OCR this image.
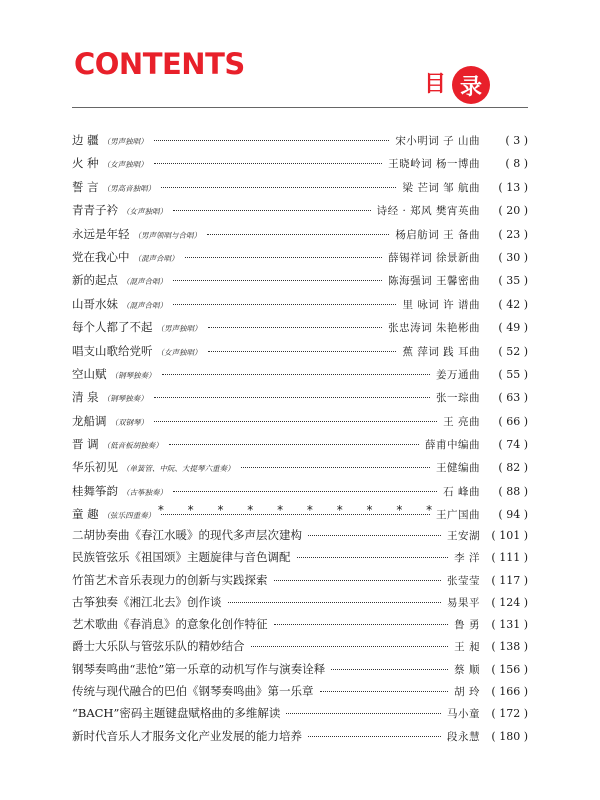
CONTENTS
目 录
边 疆 （男声独唱）	宋小明词 子 山曲	( 3 )
火 种 （女声独唱）	王晓岭词 杨一博曲	( 8 )
誓 言 （男高音独唱）	梁 芒词 邹 航曲	( 13 )
青青子衿 （女声独唱）	诗经 · 郑风 樊宵英曲	( 20 )
永远是年轻 （男声领唱与合唱）	杨启舫词 王 备曲	( 23 )
党在我心中 （混声合唱）	薛锡祥词 徐景新曲	( 30 )
新的起点 （混声合唱）	陈海强词 王馨密曲	( 35 )
山哥水妹 （混声合唱）	里 咏词 许 谱曲	( 42 )
每个人都了不起 （男声独唱）	张忠涛词 朱艳彬曲	( 49 )
唱支山歌给党听 （女声独唱）	蕉 萍词 践 耳曲	( 52 )
空山赋 （钢琴独奏）	姜万通曲	( 55 )
清 泉 （钢琴独奏）	张一琮曲	( 63 )
龙船调 （双钢琴）	王 亮曲	( 66 )
晋 调 （低音板胡独奏）	薛甫中编曲	( 74 )
华乐初见 （单簧管、中阮、大提琴六重奏）	王健编曲	( 82 )
桂舞筝韵 （古筝独奏）	石 峰曲	( 88 )
童 趣 （弦乐四重奏）	王广国曲	( 94 )
* * * * * * * * * *
二胡协奏曲《春江水暖》的现代多声层次建构	王安湖	( 101 )
民族管弦乐《祖国颂》主题旋律与音色调配	李 洋	( 111 )
竹笛艺术音乐表现力的创新与实践探索	张莹莹	( 117 )
古筝独奏《湘江北去》创作谈	易果平	( 124 )
艺术歌曲《春消息》的意象化创作特征	鲁 勇	( 131 )
爵士大乐队与管弦乐队的精妙结合	王 昶	( 138 )
钢琴奏鸣曲“悲怆”第一乐章的动机写作与演奏诠释	蔡 顺	( 156 )
传统与现代融合的巴伯《钢琴奏鸣曲》第一乐章	胡 玲	( 166 )
“BACH”密码主题键盘赋格曲的多维解读	马小童	( 172 )
新时代音乐人才服务文化产业发展的能力培养	段永慧	( 180 )
